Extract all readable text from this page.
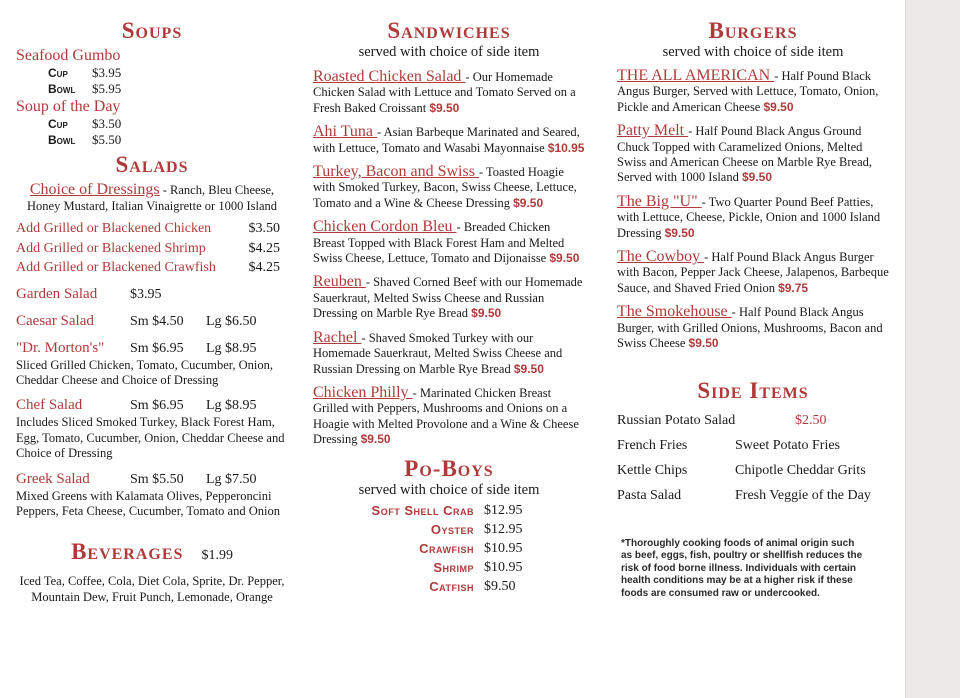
Soups
Seafood Gumbo
Cup	$3.95
Bowl	$5.95
Soup of the Day
Cup	$3.50
Bowl	$5.50
Salads
Choice of Dressings - Ranch, Bleu Cheese, Honey Mustard, Italian Vinaigrette or 1000 Island
Add Grilled or Blackened Chicken	$3.50
Add Grilled or Blackened Shrimp	$4.25
Add Grilled or Blackened Crawfish $4.25
Garden Salad	$3.95
Caesar Salad	Sm $4.50	Lg $6.50
"Dr. Morton's"	Sm $6.95	Lg $8.95
Sliced Grilled Chicken, Tomato, Cucumber, Onion, Cheddar Cheese and Choice of Dressing
Chef Salad	Sm $6.95	Lg $8.95
Includes Sliced Smoked Turkey, Black Forest Ham, Egg, Tomato, Cucumber, Onion, Cheddar Cheese and Choice of Dressing
Greek Salad	Sm $5.50	Lg $7.50
Mixed Greens with Kalamata Olives, Pepperoncini Peppers, Feta Cheese, Cucumber, Tomato and Onion
Beverages $1.99
Iced Tea, Coffee, Cola, Diet Cola, Sprite, Dr. Pepper, Mountain Dew, Fruit Punch, Lemonade, Orange
Sandwiches
served with choice of side item
Roasted Chicken Salad - Our Homemade Chicken Salad with Lettuce and Tomato Served on a Fresh Baked Croissant $9.50
Ahi Tuna - Asian Barbeque Marinated and Seared, with Lettuce, Tomato and Wasabi Mayonnaise $10.95
Turkey, Bacon and Swiss - Toasted Hoagie with Smoked Turkey, Bacon, Swiss Cheese, Lettuce, Tomato and a Wine & Cheese Dressing $9.50
Chicken Cordon Bleu - Breaded Chicken Breast Topped with Black Forest Ham and Melted Swiss Cheese, Lettuce, Tomato and Dijonaisse $9.50
Reuben - Shaved Corned Beef with our Homemade Sauerkraut, Melted Swiss Cheese and Russian Dressing on Marble Rye Bread $9.50
Rachel - Shaved Smoked Turkey with our Homemade Sauerkraut, Melted Swiss Cheese and Russian Dressing on Marble Rye Bread $9.50
Chicken Philly - Marinated Chicken Breast Grilled with Peppers, Mushrooms and Onions on a Hoagie with Melted Provolone and a Wine & Cheese Dressing $9.50
Po-Boys
served with choice of side item
Soft Shell Crab $12.95
Oyster $12.95
Crawfish $10.95
Shrimp $10.95
Catfish $9.50
Burgers
served with choice of side item
THE ALL AMERICAN - Half Pound Black Angus Burger, Served with Lettuce, Tomato, Onion, Pickle and American Cheese $9.50
Patty Melt - Half Pound Black Angus Ground Chuck Topped with Caramelized Onions, Melted Swiss and American Cheese on Marble Rye Bread, Served with 1000 Island $9.50
The Big "U" - Two Quarter Pound Beef Patties, with Lettuce, Cheese, Pickle, Onion and 1000 Island Dressing $9.50
The Cowboy - Half Pound Black Angus Burger with Bacon, Pepper Jack Cheese, Jalapenos, Barbeque Sauce, and Shaved Fried Onion $9.75
The Smokehouse - Half Pound Black Angus Burger, with Grilled Onions, Mushrooms, Bacon and Swiss Cheese $9.50
Side Items
Russian Potato Salad	$2.50
French Fries	Sweet Potato Fries
Kettle Chips	Chipotle Cheddar Grits
Pasta Salad	Fresh Veggie of the Day
*Thoroughly cooking foods of animal origin such as beef, eggs, fish, poultry or shellfish reduces the risk of food borne illness. Individuals with certain health conditions may be at a higher risk if these foods are consumed raw or undercooked.
